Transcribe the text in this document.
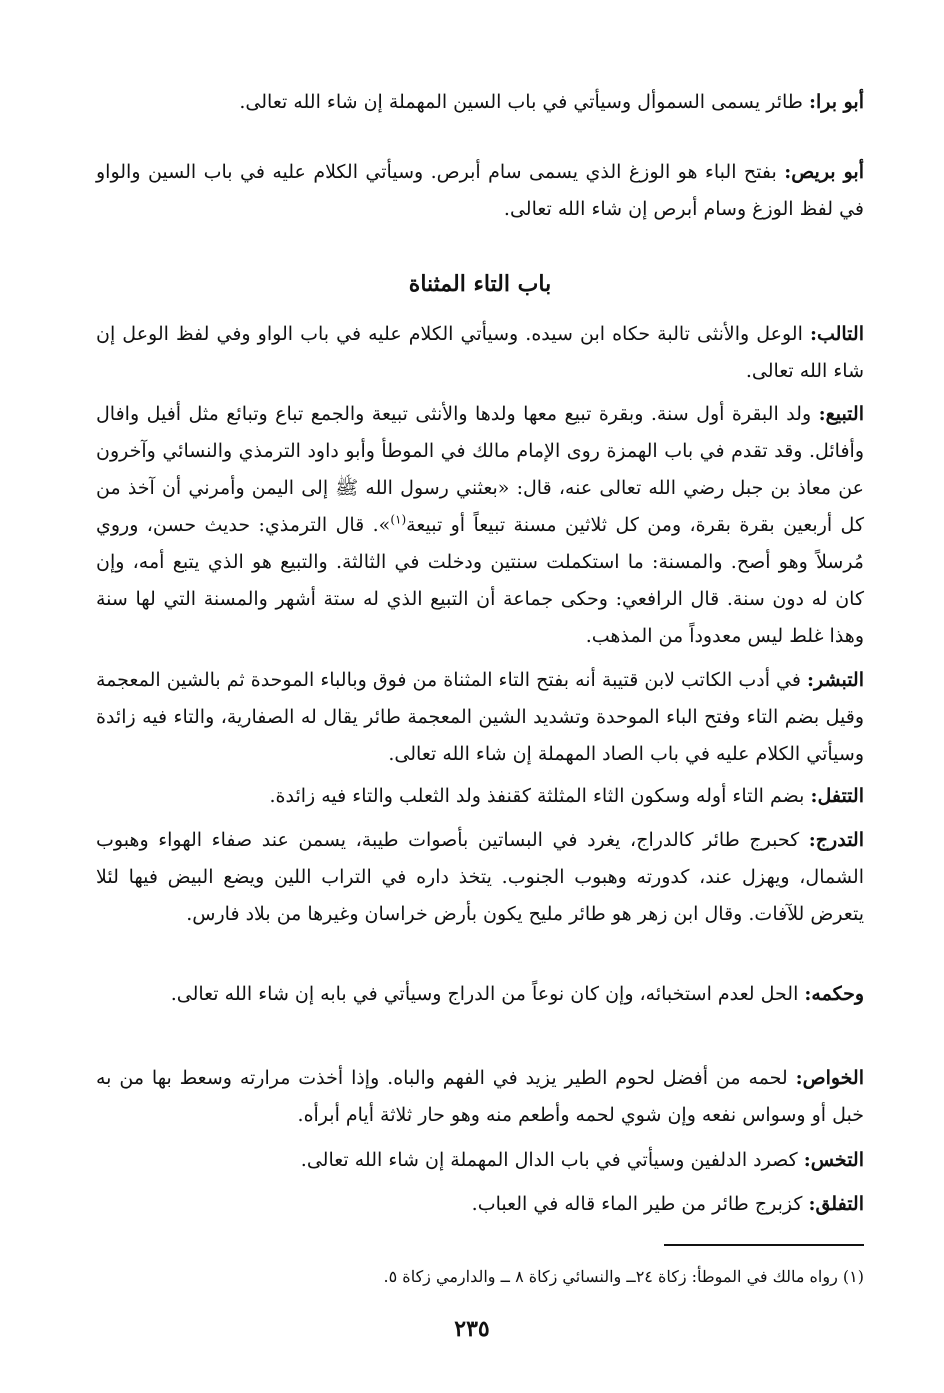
أبو برا: طائر يسمى السموأل وسيأتي في باب السين المهملة إن شاء الله تعالى.

أبو بريص: بفتح الباء هو الوزغ الذي يسمى سام أبرص. وسيأتي الكلام عليه في باب السين والواو في لفظ الوزغ وسام أبرص إن شاء الله تعالى.

باب التاء المثناة

التالب: الوعل والأنثى تالبة حكاه ابن سيده. وسيأتي الكلام عليه في باب الواو وفي لفظ الوعل إن شاء الله تعالى.

التبيع: ولد البقرة أول سنة. وبقرة تبيع معها ولدها والأنثى تبيعة والجمع تباع وتبائع مثل أفيل وافال وأفائل. وقد تقدم في باب الهمزة روى الإمام مالك في الموطأ وأبو داود الترمذي والنسائي وآخرون عن معاذ بن جبل رضي الله تعالى عنه، قال: «بعثني رسول الله ﷺ إلى اليمن وأمرني أن آخذ من كل أربعين بقرة بقرة، ومن كل ثلاثين مسنة تبيعاً أو تبيعة$^{(١)}$». قال الترمذي: حديث حسن، وروي مُرسلاً وهو أصح. والمسنة: ما استكملت سنتين ودخلت في الثالثة. والتبيع هو الذي يتبع أمه، وإن كان له دون سنة. قال الرافعي: وحكى جماعة أن التبيع الذي له ستة أشهر والمسنة التي لها سنة وهذا غلط ليس معدوداً من المذهب.

التبشر: في أدب الكاتب لابن قتيبة أنه بفتح التاء المثناة من فوق وبالباء الموحدة ثم بالشين المعجمة وقيل بضم التاء وفتح الباء الموحدة وتشديد الشين المعجمة طائر يقال له الصفارية، والتاء فيه زائدة وسيأتي الكلام عليه في باب الصاد المهملة إن شاء الله تعالى.

التتفل: بضم التاء أوله وسكون الثاء المثلثة كقنفذ ولد الثعلب والتاء فيه زائدة.

التدرج: كحبرج طائر كالدراج، يغرد في البساتين بأصوات طيبة، يسمن عند صفاء الهواء وهبوب الشمال، ويهزل عند، كدورته وهبوب الجنوب. يتخذ داره في التراب اللين ويضع البيض فيها لئلا يتعرض للآفات. وقال ابن زهر هو طائر مليح يكون بأرض خراسان وغيرها من بلاد فارس.

وحكمه: الحل لعدم استخبائه، وإن كان نوعاً من الدراج وسيأتي في بابه إن شاء الله تعالى.

الخواص: لحمه من أفضل لحوم الطير يزيد في الفهم والباه. وإذا أخذت مرارته وسعط بها من به خبل أو وسواس نفعه وإن شوي لحمه وأطعم منه وهو حار ثلاثة أيام أبرأه.

التخس: كصرد الدلفين وسيأتي في باب الدال المهملة إن شاء الله تعالى.

التفلق: كزبرج طائر من طير الماء قاله في العباب.

(١) رواه مالك في الموطأ: زكاة ٢٤ــ والنسائي زكاة ٨ ــ والدارمي زكاة ٥.

٢٣٥
